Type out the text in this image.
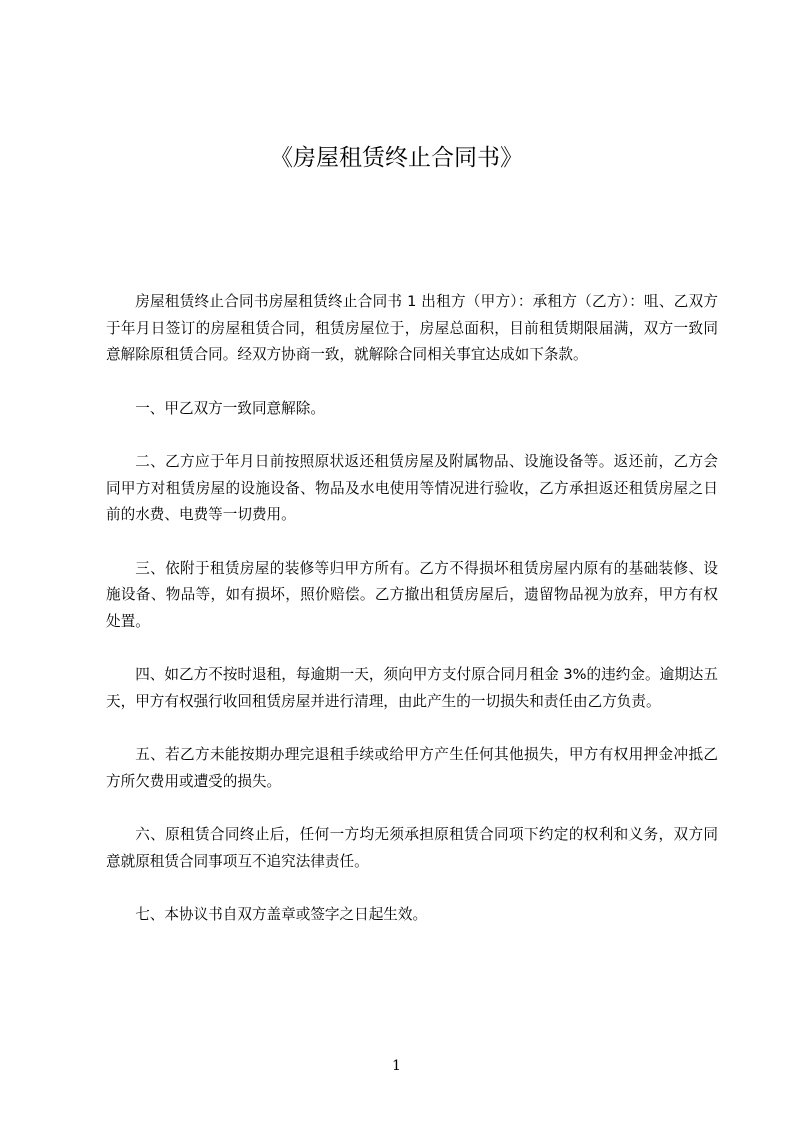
《房屋租赁终止合同书》

房屋租赁终止合同书房屋租赁终止合同书 1 出租方（甲方）：承租方（乙方）：咀、乙双方于年月日签订的房屋租赁合同，租赁房屋位于，房屋总面积，目前租赁期限届满，双方一致同意解除原租赁合同。经双方协商一致，就解除合同相关事宜达成如下条款。

一、甲乙双方一致同意解除。

二、乙方应于年月日前按照原状返还租赁房屋及附属物品、设施设备等。返还前，乙方会同甲方对租赁房屋的设施设备、物品及水电使用等情况进行验收，乙方承担返还租赁房屋之日前的水费、电费等一切费用。

三、依附于租赁房屋的装修等归甲方所有。乙方不得损坏租赁房屋内原有的基础装修、设施设备、物品等，如有损坏，照价赔偿。乙方撤出租赁房屋后，遗留物品视为放弃，甲方有权处置。

四、如乙方不按时退租，每逾期一天，须向甲方支付原合同月租金 3%的违约金。逾期达五天，甲方有权强行收回租赁房屋并进行清理，由此产生的一切损失和责任由乙方负责。

五、若乙方未能按期办理完退租手续或给甲方产生任何其他损失，甲方有权用押金冲抵乙方所欠费用或遭受的损失。

六、原租赁合同终止后，任何一方均无须承担原租赁合同项下约定的权利和义务，双方同意就原租赁合同事项互不追究法律责任。

七、本协议书自双方盖章或签字之日起生效。

1
